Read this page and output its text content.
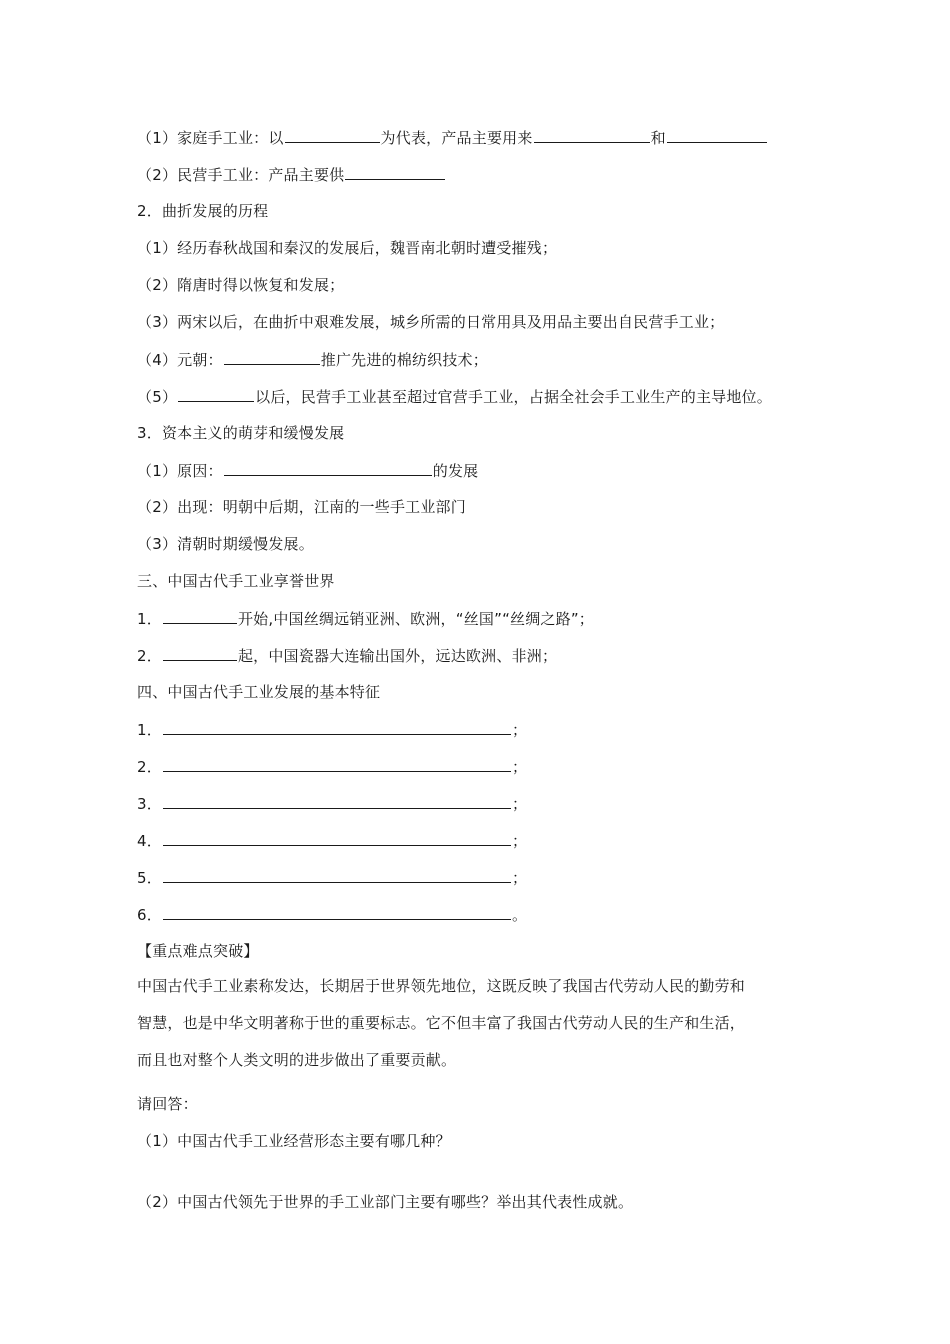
（1）家庭手工业：以	为代表，产品主要用来	和
（2）民营手工业：产品主要供
2．曲折发展的历程
（1）经历春秋战国和秦汉的发展后，魏晋南北朝时遭受摧残；
（2）隋唐时得以恢复和发展；
（3）两宋以后，在曲折中艰难发展，城乡所需的日常用具及用品主要出自民营手工业；
（4）元朝：	推广先进的棉纺织技术；
（5）	以后，民营手工业甚至超过官营手工业，占据全社会手工业生产的主导地位。
3．资本主义的萌芽和缓慢发展
（1）原因：	的发展
（2）出现：明朝中后期，江南的一些手工业部门
（3）清朝时期缓慢发展。
三、中国古代手工业享誉世界
1．	开始,中国丝绸远销亚洲、欧洲，“丝国”“丝绸之路”；
2．	起，中国瓷器大连输出国外，远达欧洲、非洲；
四、中国古代手工业发展的基本特征
1．	；
2．	；
3．	；
4．	；
5．	；
6．	。
【重点难点突破】
中国古代手工业素称发达，长期居于世界领先地位，这既反映了我国古代劳动人民的勤劳和
智慧，也是中华文明著称于世的重要标志。它不但丰富了我国古代劳动人民的生产和生活，
而且也对整个人类文明的进步做出了重要贡献。
请回答：
（1）中国古代手工业经营形态主要有哪几种？
（2）中国古代领先于世界的手工业部门主要有哪些？举出其代表性成就。
